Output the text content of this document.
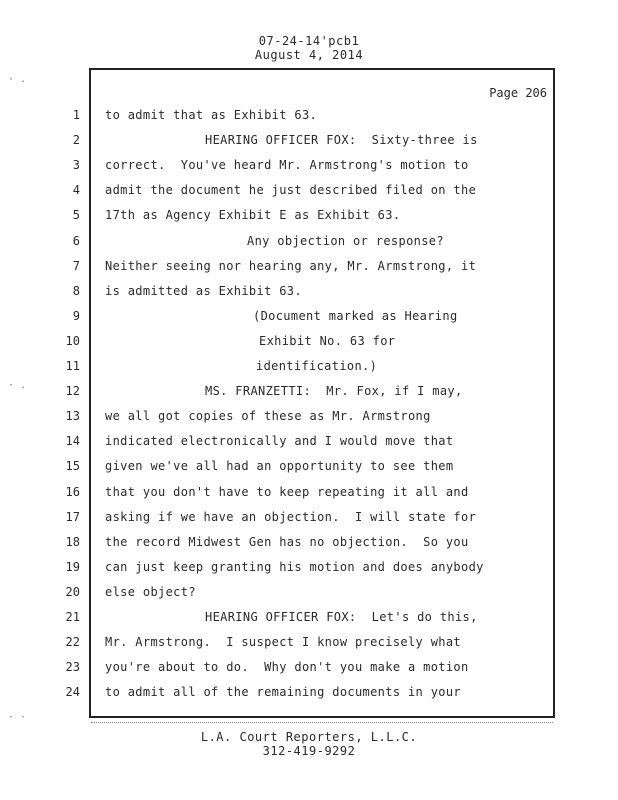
07-24-14'pcb1
August 4, 2014
· .
· .
· ·
Page 206
1 to admit that as Exhibit 63.
2	HEARING OFFICER FOX:  Sixty-three is
3 correct.  You've heard Mr. Armstrong's motion to
4 admit the document he just described filed on the
5 17th as Agency Exhibit E as Exhibit 63.
6	Any objection or response?
7 Neither seeing nor hearing any, Mr. Armstrong, it
8 is admitted as Exhibit 63.
9	(Document marked as Hearing
10	Exhibit No. 63 for
11	identification.)
12	MS. FRANZETTI:  Mr. Fox, if I may,
13 we all got copies of these as Mr. Armstrong
14 indicated electronically and I would move that
15 given we've all had an opportunity to see them
16 that you don't have to keep repeating it all and
17 asking if we have an objection.  I will state for
18 the record Midwest Gen has no objection.  So you
19 can just keep granting his motion and does anybody
20 else object?
21	HEARING OFFICER FOX:  Let's do this,
22 Mr. Armstrong.  I suspect I know precisely what
23 you're about to do.  Why don't you make a motion
24 to admit all of the remaining documents in your
L.A. Court Reporters, L.L.C.
312-419-9292
